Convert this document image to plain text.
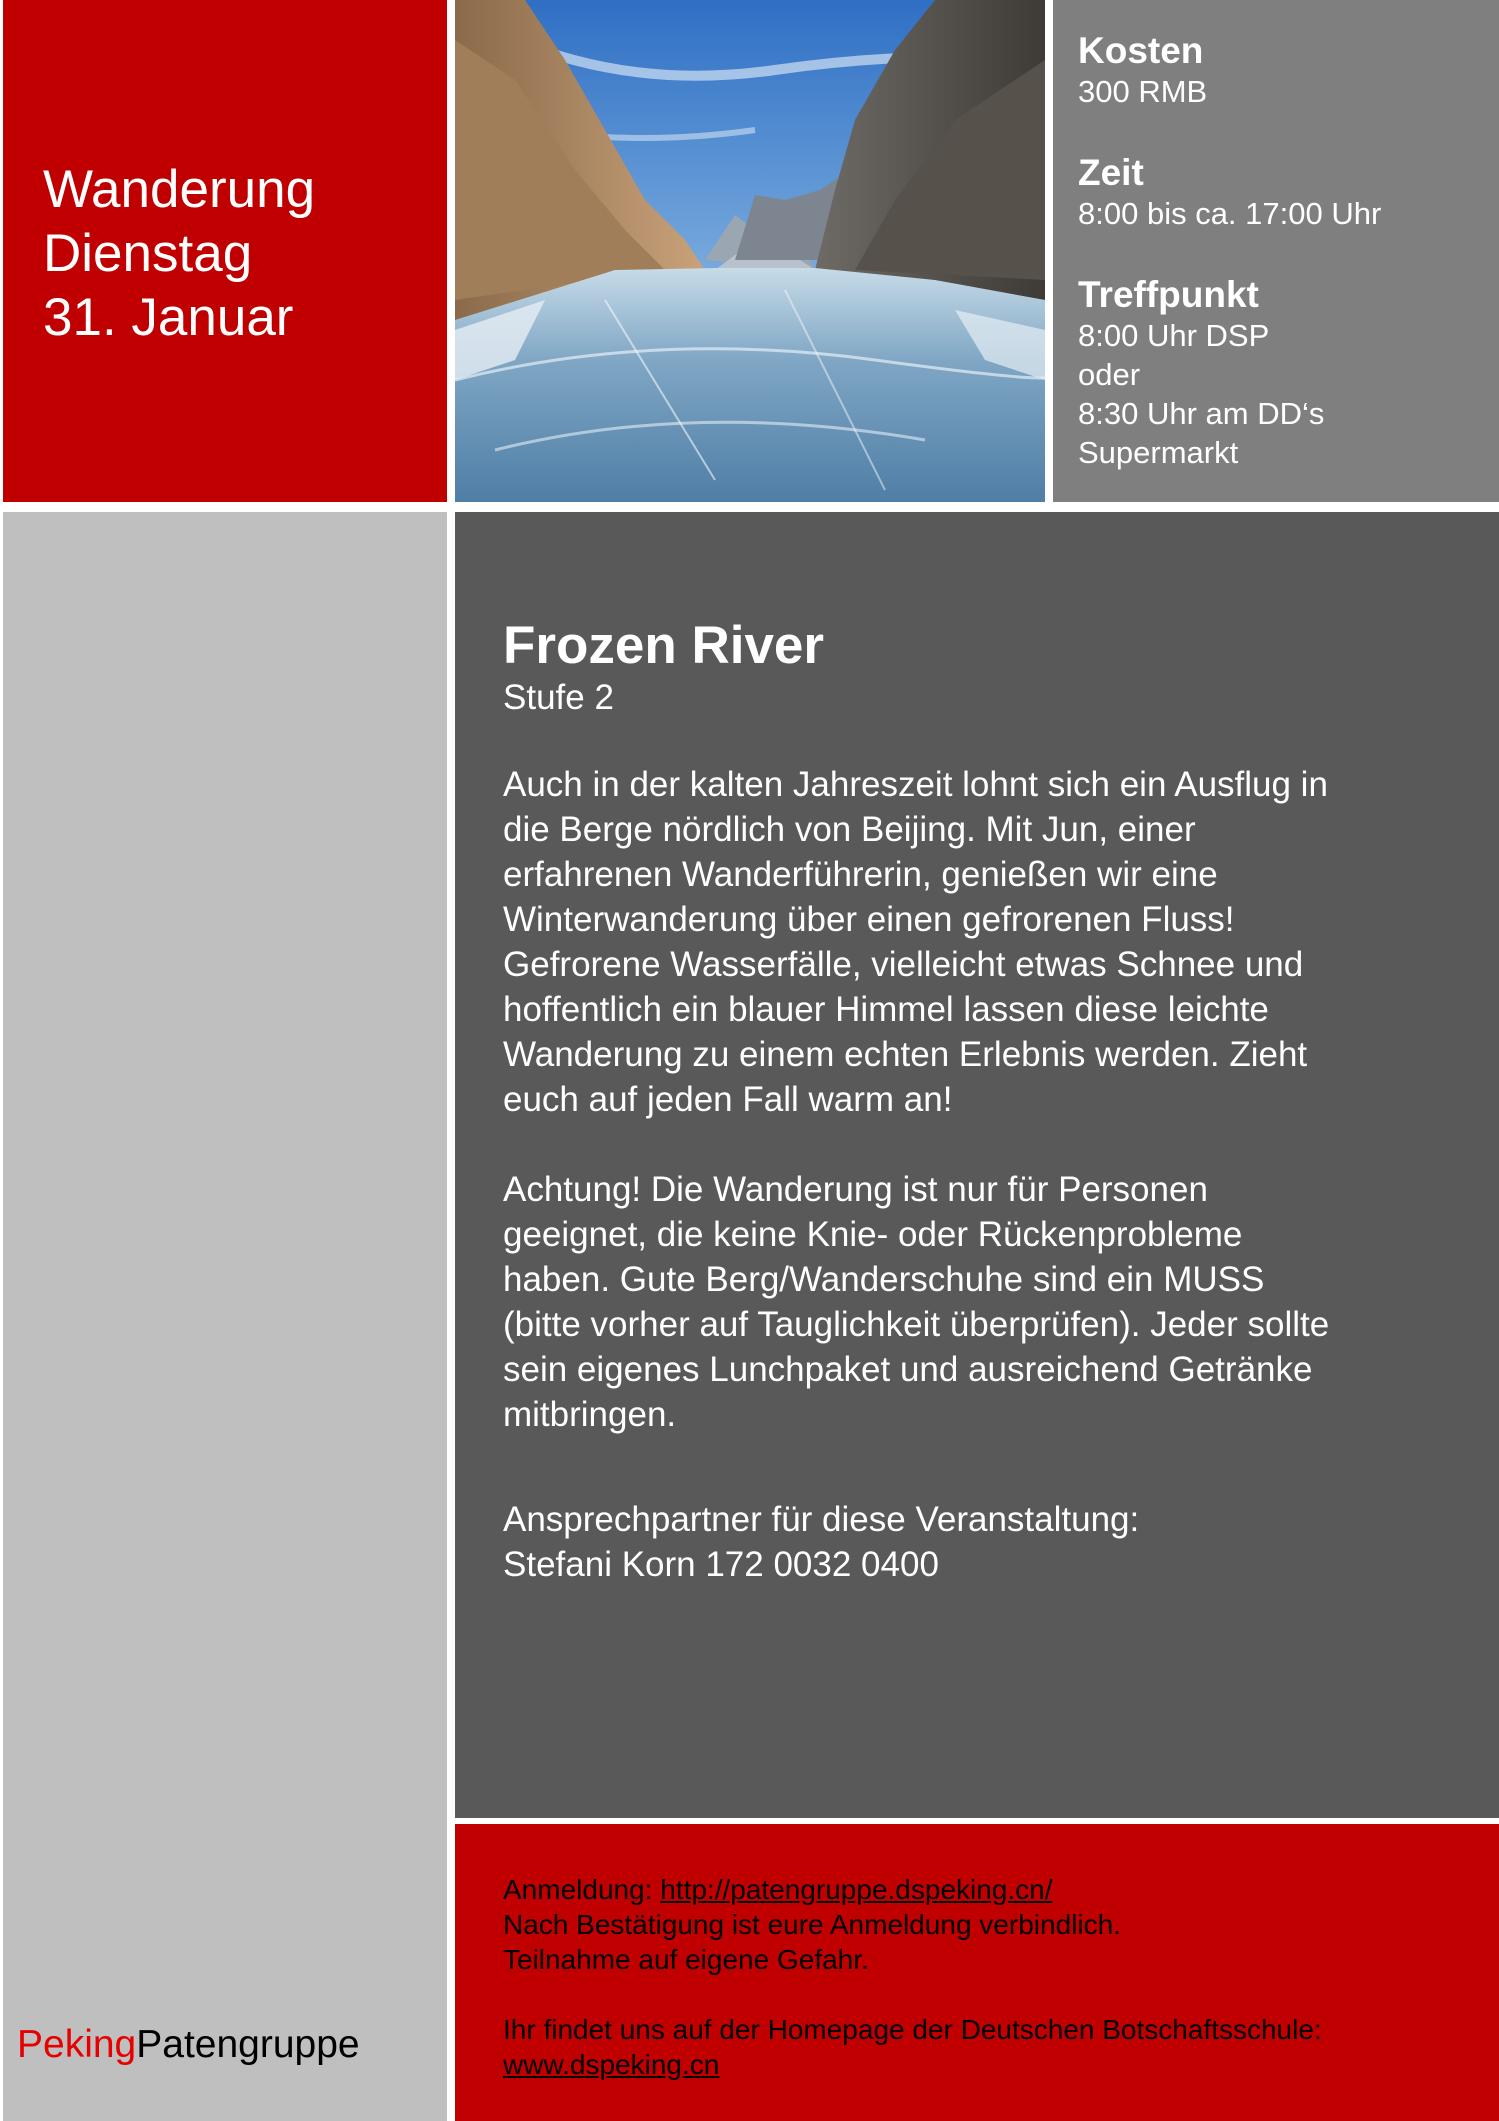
Wanderung
Dienstag
31. Januar
Kosten
300 RMB
Zeit
8:00 bis ca. 17:00 Uhr
Treffpunkt
8:00 Uhr DSP
oder
8:30 Uhr am DD‘s
Supermarkt
Frozen River
Stufe 2
Auch in der kalten Jahreszeit lohnt sich ein Ausflug in
die Berge nördlich von Beijing. Mit Jun, einer
erfahrenen Wanderführerin, genießen wir eine
Winterwanderung über einen gefrorenen Fluss!
Gefrorene Wasserfälle, vielleicht etwas Schnee und
hoffentlich ein blauer Himmel lassen diese leichte
Wanderung zu einem echten Erlebnis werden. Zieht
euch auf jeden Fall warm an!
Achtung! Die Wanderung ist nur für Personen
geeignet, die keine Knie- oder Rückenprobleme
haben. Gute Berg/Wanderschuhe sind ein MUSS
(bitte vorher auf Tauglichkeit überprüfen). Jeder sollte
sein eigenes Lunchpaket und ausreichend Getränke
mitbringen.
Ansprechpartner für diese Veranstaltung:
Stefani Korn 172 0032 0400
Anmeldung: http://patengruppe.dspeking.cn/
Nach Bestätigung ist eure Anmeldung verbindlich.
Teilnahme auf eigene Gefahr.
Ihr findet uns auf der Homepage der Deutschen Botschaftsschule:
www.dspeking.cn
PekingPatengruppe
